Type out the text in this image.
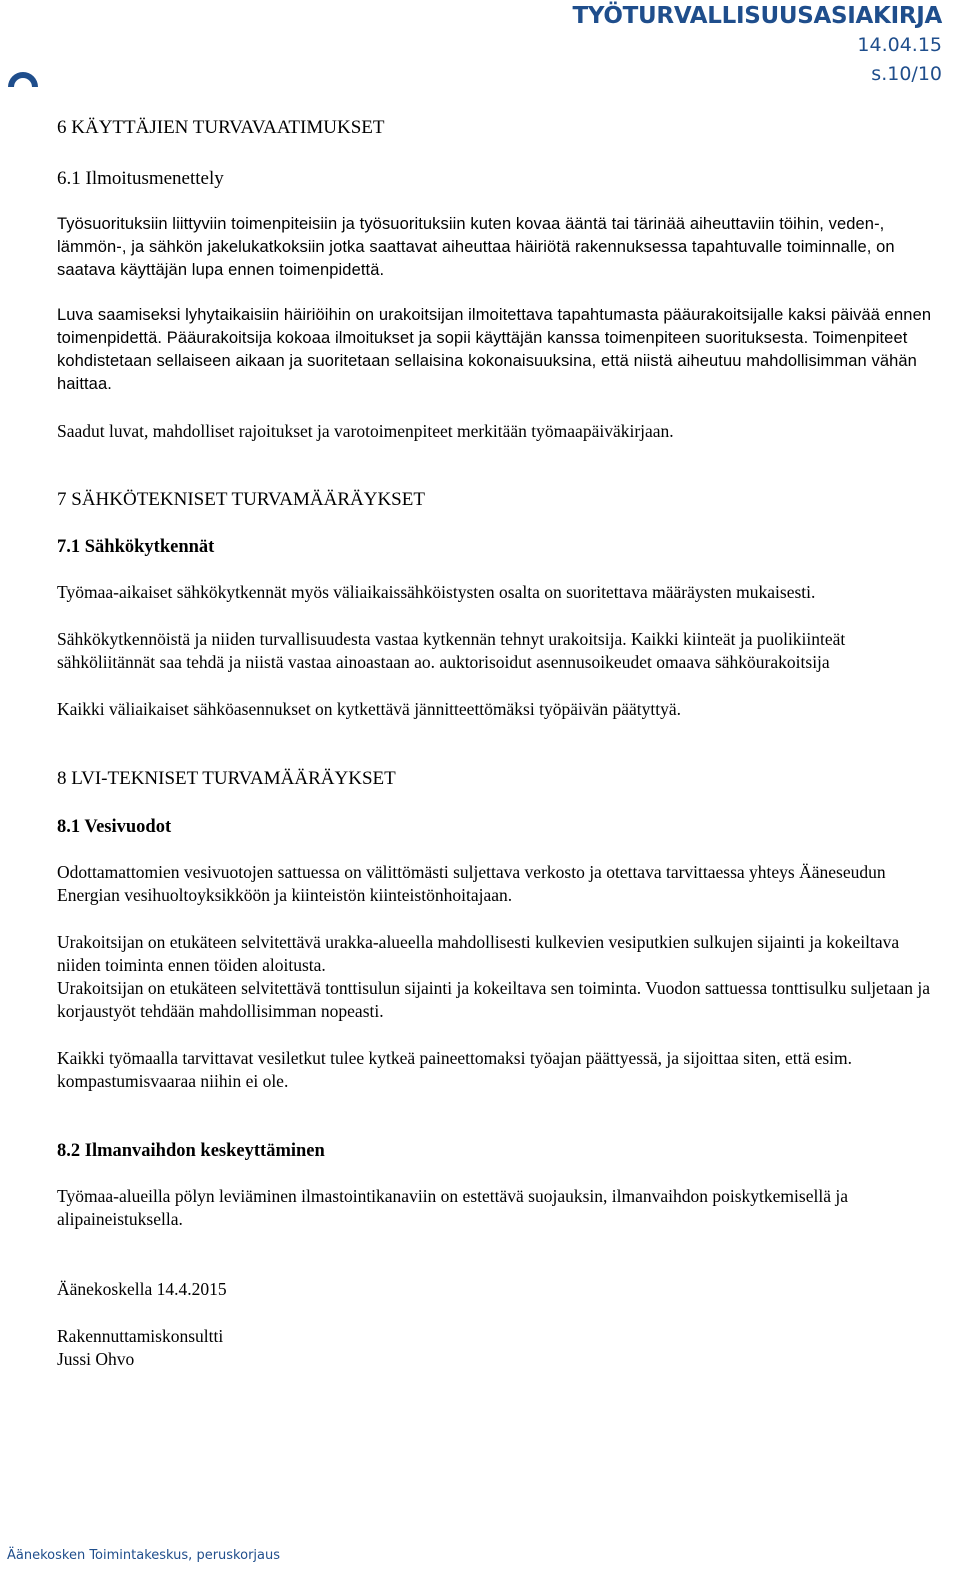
TYÖTURVALLISUUSASIAKIRJA
14.04.15
s.10/10
6 KÄYTTÄJIEN TURVAVAATIMUKSET
6.1 Ilmoitusmenettely

Työsuorituksiin liittyviin toimenpiteisiin ja työsuorituksiin kuten kovaa ääntä tai tärinää aiheuttaviin töihin, veden-, lämmön-, ja sähkön jakelukatkoksiin jotka saattavat aiheuttaa häiriötä rakennuksessa tapahtuvalle toiminnalle, on saatava käyttäjän lupa ennen toimenpidettä.

Luva saamiseksi lyhytaikaisiin häiriöihin on urakoitsijan ilmoitettava tapahtumasta pääurakoitsijalle kaksi päivää ennen toimenpidettä. Pääurakoitsija kokoaa ilmoitukset ja sopii käyttäjän kanssa toimenpiteen suorituksesta. Toimenpiteet kohdistetaan sellaiseen aikaan ja suoritetaan sellaisina kokonaisuuksina, että niistä aiheutuu mahdollisimman vähän haittaa.

Saadut luvat, mahdolliset rajoitukset ja varotoimenpiteet merkitään työmaapäiväkirjaan.

7 SÄHKÖTEKNISET TURVAMÄÄRÄYKSET
7.1 Sähkökytkennät

Työmaa-aikaiset sähkökytkennät myös väliaikaissähköistysten osalta on suoritettava määräysten mukaisesti.

Sähkökytkennöistä ja niiden turvallisuudesta vastaa kytkennän tehnyt urakoitsija. Kaikki kiinteät ja puolikiinteät sähköliitännät saa tehdä ja niistä vastaa ainoastaan ao. auktorisoidut asennusoikeudet omaava sähköurakoitsija

Kaikki väliaikaiset sähköasennukset on kytkettävä jännitteettömäksi työpäivän päätyttyä.

8 LVI-TEKNISET TURVAMÄÄRÄYKSET
8.1 Vesivuodot

Odottamattomien vesivuotojen sattuessa on välittömästi suljettava verkosto ja otettava tarvittaessa yhteys Ääneseudun Energian vesihuoltoyksikköön ja kiinteistön kiinteistönhoitajaan.

Urakoitsijan on etukäteen selvitettävä urakka-alueella mahdollisesti kulkevien vesiputkien sulkujen sijainti ja kokeiltava niiden toiminta ennen töiden aloitusta.

Urakoitsijan on etukäteen selvitettävä tonttisulun sijainti ja kokeiltava sen toiminta. Vuodon sattuessa tonttisulku suljetaan ja korjaustyöt tehdään mahdollisimman nopeasti.

Kaikki työmaalla tarvittavat vesiletkut tulee kytkeä paineettomaksi työajan päättyessä, ja sijoittaa siten, että esim. kompastumisvaaraa niihin ei ole.

8.2 Ilmanvaihdon keskeyttäminen

Työmaa-alueilla pölyn leviäminen ilmastointikanaviin on estettävä suojauksin, ilmanvaihdon poiskytkemisellä ja alipaineistuksella.

Äänekoskella 14.4.2015

Rakennuttamiskonsultti

Jussi Ohvo

Äänekosken Toimintakeskus, peruskorjaus
